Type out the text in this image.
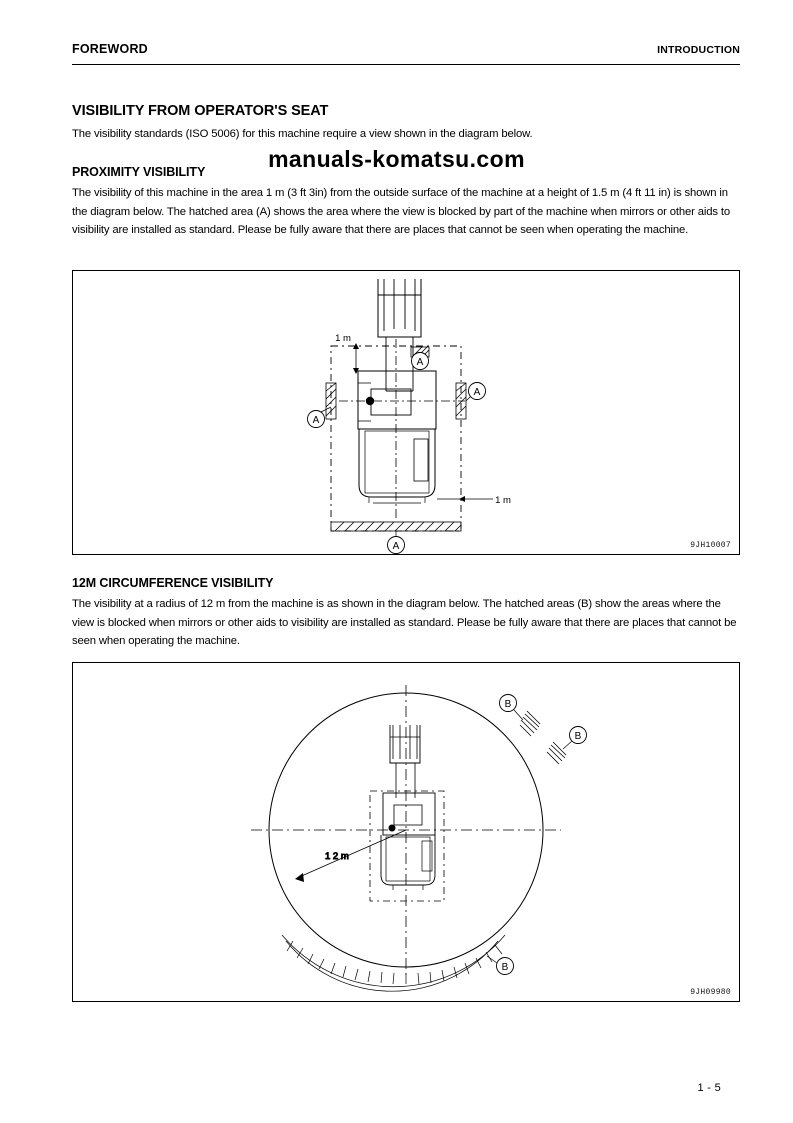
FOREWORD	INTRODUCTION
VISIBILITY FROM OPERATOR'S SEAT
The visibility standards (ISO 5006) for this machine require a view shown in the diagram below.
manuals-komatsu.com
PROXIMITY VISIBILITY
The visibility of this machine in the area 1 m (3 ft 3in) from the outside surface of the machine at a height of 1.5 m (4 ft 11 in) is shown in the diagram below. The hatched area (A) shows the area where the view is blocked by part of the machine when mirrors or other aids to visibility are installed as standard. Please be fully aware that there are places that cannot be seen when operating the machine.
A
A
A
A
1 m
1 m
9JH10007
12M CIRCUMFERENCE VISIBILITY
The visibility at a radius of 12 m from the machine is as shown in the diagram below. The hatched areas (B) show the areas where the view is blocked when mirrors or other aids to visibility are installed as standard. Please be fully aware that there are places that cannot be seen when operating the machine.
1 2 m
B
B
B
9JH09980
1 - 5
